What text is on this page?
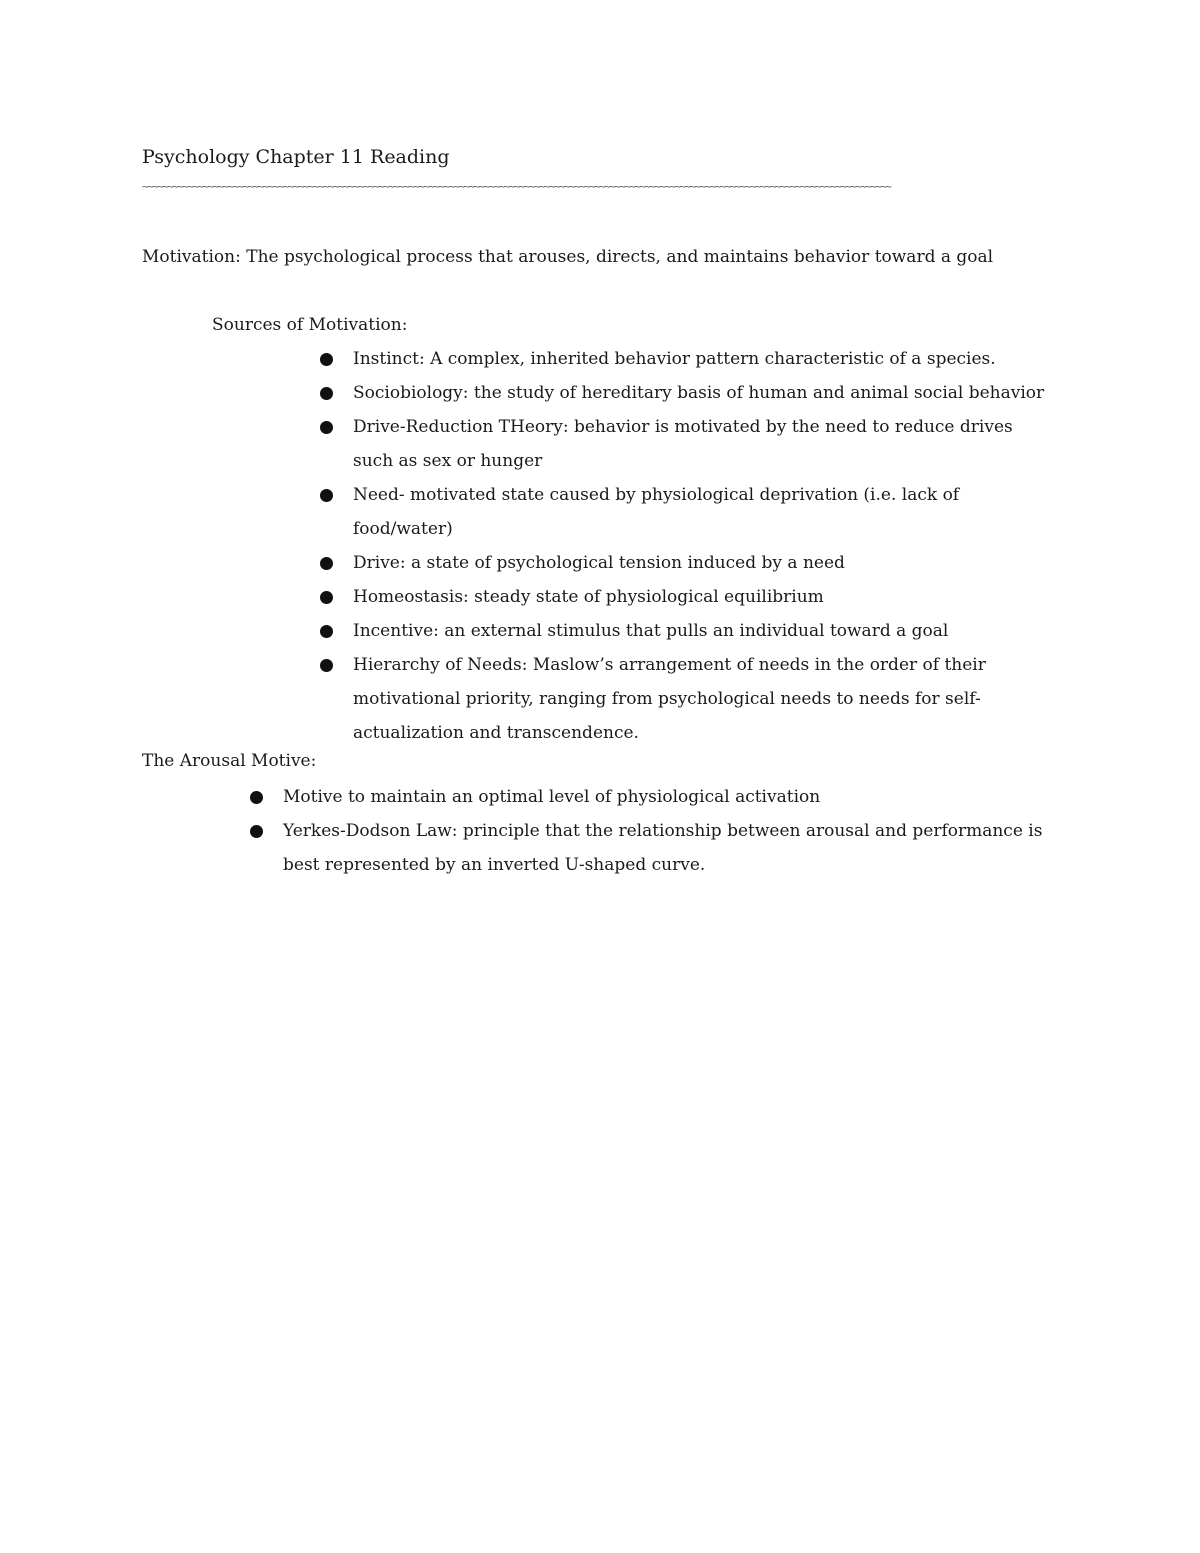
Psychology Chapter 11 Reading
~~~~~~~~~~~~~~~~~~~~~~~~~~~~~~~~~~~~~~~~~~~~~~~~~~~~~~~~~~~~~~~~~~~~~~~~~~~~~~~~~~~~~~~~~~~~~~~~~~~~~~~~~~~~~~~~~~~~~~~~~~~~~~~~~~~~~~~~~~~~~~~~~~~~~

Motivation: The psychological process that arouses, directs, and maintains behavior toward a goal

Sources of Motivation:
Instinct: A complex, inherited behavior pattern characteristic of a species.
Sociobiology: the study of hereditary basis of human and animal social behavior
Drive-Reduction THeory: behavior is motivated by the need to reduce drives such as sex or hunger
Need- motivated state caused by physiological deprivation (i.e. lack of food/water)
Drive: a state of psychological tension induced by a need
Homeostasis: steady state of physiological equilibrium
Incentive: an external stimulus that pulls an individual toward a goal
Hierarchy of Needs: Maslow’s arrangement of needs in the order of their motivational priority, ranging from psychological needs to needs for self-actualization and transcendence.
The Arousal Motive:
Motive to maintain an optimal level of physiological activation
Yerkes-Dodson Law: principle that the relationship between arousal and performance is best represented by an inverted U-shaped curve.
